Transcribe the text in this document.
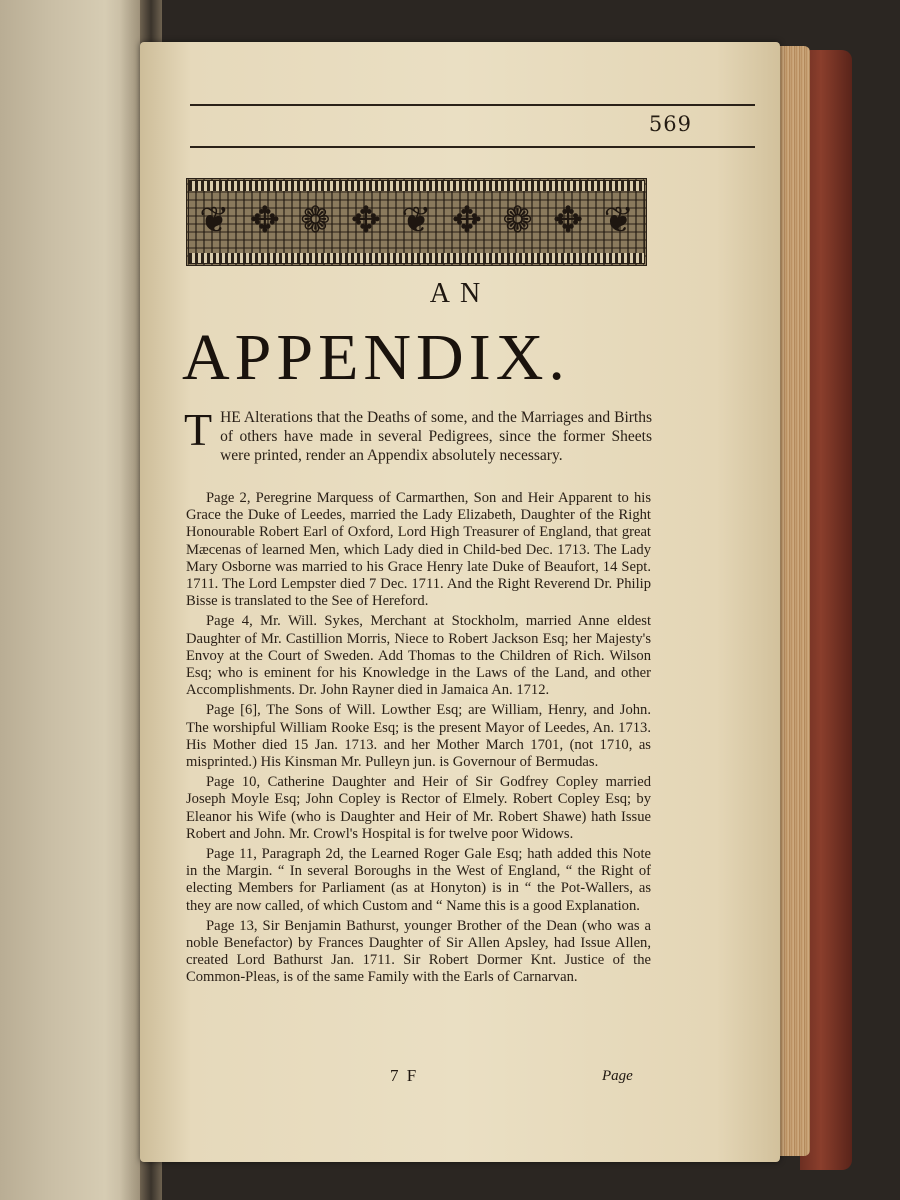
569
❦ ✥ ❁ ✥ ❦ ✥ ❁ ✥ ❦
AN
APPENDIX.
T HE Alterations that the Deaths of some, and the Marriages and Births of others have made in several Pedigrees, since the former Sheets were printed, render an Appendix absolutely necessary.

Page 2, Peregrine Marquess of Carmarthen, Son and Heir Apparent to his Grace the Duke of Leedes, married the Lady Elizabeth, Daughter of the Right Honourable Robert Earl of Oxford, Lord High Treasurer of England, that great Mæcenas of learned Men, which Lady died in Child-bed Dec. 1713. The Lady Mary Osborne was married to his Grace Henry late Duke of Beaufort, 14 Sept. 1711. The Lord Lempster died 7 Dec. 1711. And the Right Reverend Dr. Philip Bisse is translated to the See of Hereford.

Page 4, Mr. Will. Sykes, Merchant at Stockholm, married Anne eldest Daughter of Mr. Castillion Morris, Niece to Robert Jackson Esq; her Majesty's Envoy at the Court of Sweden. Add Thomas to the Children of Rich. Wilson Esq; who is eminent for his Knowledge in the Laws of the Land, and other Accomplishments. Dr. John Rayner died in Jamaica An. 1712.

Page [6], The Sons of Will. Lowther Esq; are William, Henry, and John. The worshipful William Rooke Esq; is the present Mayor of Leedes, An. 1713. His Mother died 15 Jan. 1713. and her Mother March 1701, (not 1710, as misprinted.) His Kinsman Mr. Pulleyn jun. is Governour of Bermudas.

Page 10, Catherine Daughter and Heir of Sir Godfrey Copley married Joseph Moyle Esq; John Copley is Rector of Elmely. Robert Copley Esq; by Eleanor his Wife (who is Daughter and Heir of Mr. Robert Shawe) hath Issue Robert and John. Mr. Crowl's Hospital is for twelve poor Widows.

Page 11, Paragraph 2d, the Learned Roger Gale Esq; hath added this Note in the Margin. “ In several Boroughs in the West of England, “ the Right of electing Members for Parliament (as at Honyton) is in “ the Pot-Wallers, as they are now called, of which Custom and “ Name this is a good Explanation.

Page 13, Sir Benjamin Bathurst, younger Brother of the Dean (who was a noble Benefactor) by Frances Daughter of Sir Allen Apsley, had Issue Allen, created Lord Bathurst Jan. 1711. Sir Robert Dormer Knt. Justice of the Common-Pleas, is of the same Family with the Earls of Carnarvan.

7 F	Page
